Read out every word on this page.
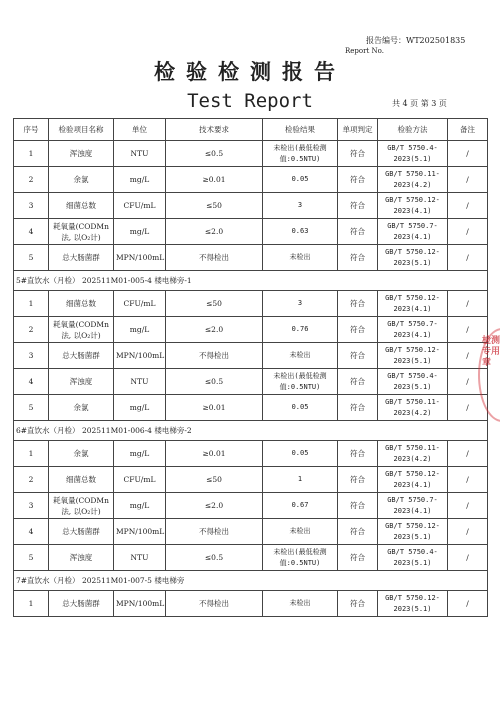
报告编号：WT202501835
Report No.
检验检测报告
Test Report	共 4 页 第 3 页
序号	检验项目名称	单位	技术要求	检验结果	单项判定	检验方法	备注
1	浑浊度	NTU	≤0.5	未检出(最低检测值:0.5NTU)	符合	GB/T 5750.4-2023(5.1)	/
2	余氯	mg/L	≥0.01	0.05	符合	GB/T 5750.11-2023(4.2)	/
3	细菌总数	CFU/mL	≤50	3	符合	GB/T 5750.12-2023(4.1)	/
4	耗氧量(CODMn法, 以O₂计)	mg/L	≤2.0	0.63	符合	GB/T 5750.7-2023(4.1)	/
5	总大肠菌群	MPN/100mL	不得检出	未检出	符合	GB/T 5750.12-2023(5.1)	/
5#直饮水（月检） 202511M01-005-4 楼电梯旁-1							
1	细菌总数	CFU/mL	≤50	3	符合	GB/T 5750.12-2023(4.1)	/
2	耗氧量(CODMn法, 以O₂计)	mg/L	≤2.0	0.76	符合	GB/T 5750.7-2023(4.1)	/
3	总大肠菌群	MPN/100mL	不得检出	未检出	符合	GB/T 5750.12-2023(5.1)	/
4	浑浊度	NTU	≤0.5	未检出(最低检测值:0.5NTU)	符合	GB/T 5750.4-2023(5.1)	/
5	余氯	mg/L	≥0.01	0.05	符合	GB/T 5750.11-2023(4.2)	/
6#直饮水（月检） 202511M01-006-4 楼电梯旁-2							
1	余氯	mg/L	≥0.01	0.05	符合	GB/T 5750.11-2023(4.2)	/
2	细菌总数	CFU/mL	≤50	1	符合	GB/T 5750.12-2023(4.1)	/
3	耗氧量(CODMn法, 以O₂计)	mg/L	≤2.0	0.67	符合	GB/T 5750.7-2023(4.1)	/
4	总大肠菌群	MPN/100mL	不得检出	未检出	符合	GB/T 5750.12-2023(5.1)	/
5	浑浊度	NTU	≤0.5	未检出(最低检测值:0.5NTU)	符合	GB/T 5750.4-2023(5.1)	/
7#直饮水（月检） 202511M01-007-5 楼电梯旁							
1	总大肠菌群	MPN/100mL	不得检出	未检出	符合	GB/T 5750.12-2023(5.1)	/
检测专用章
